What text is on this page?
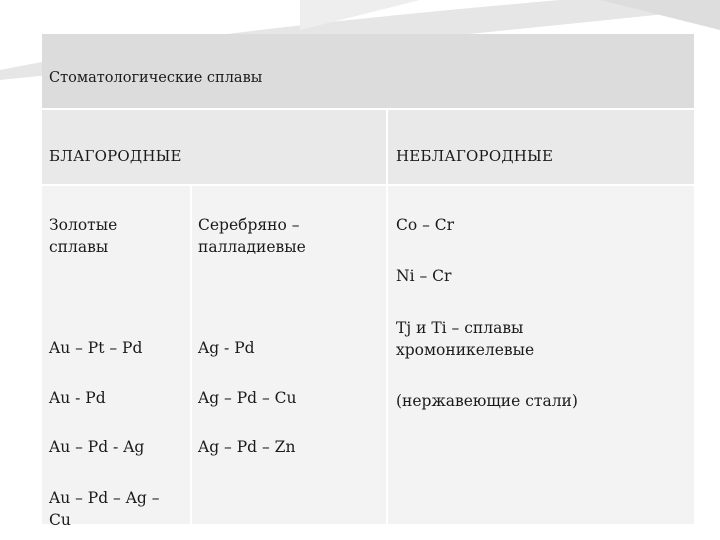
Стоматологические сплавы
БЛАГОРОДНЫЕ	НЕБЛАГОРОДНЫЕ
Золотые
сплавы
Au – Pt – Pd
Au - Pd
Au – Pd - Ag
Au – Pd – Ag –
Cu
Серебряно –
палладиевые
Ag - Pd
Ag – Pd – Cu
Ag – Pd – Zn
Co – Cr
Ni – Cr
Tj и Ti – сплавы
хромоникелевые
(нержавеющие стали)
